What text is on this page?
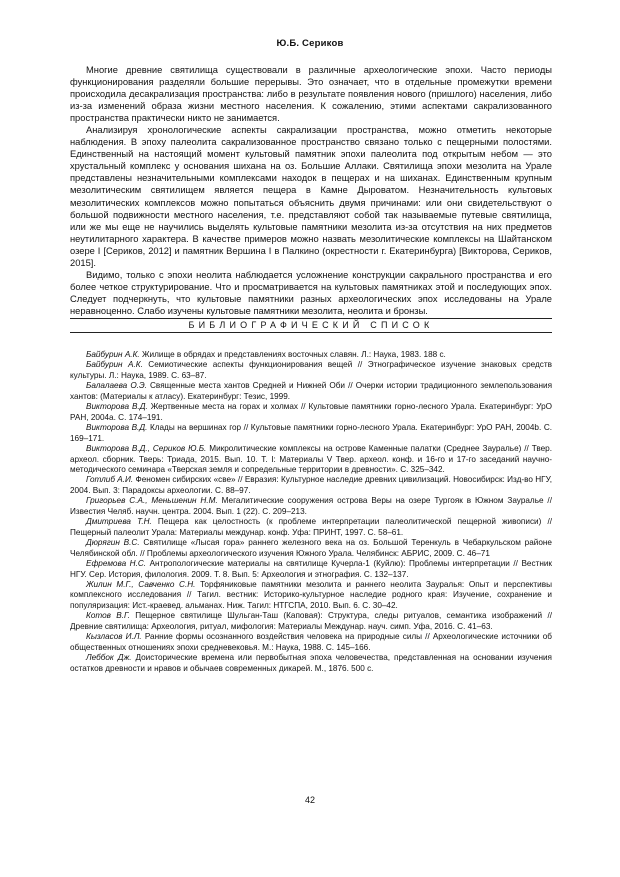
Ю.Б. Сериков

Многие древние святилища существовали в различные археологические эпохи. Часто периоды функционирования разделяли большие перерывы. Это означает, что в отдельные промежутки времени происходила десакрализация пространства: либо в результате появления нового (пришлого) населения, либо из-за изменений образа жизни местного населения. К сожалению, этими аспектами сакрализованного пространства практически никто не занимается.

Анализируя хронологические аспекты сакрализации пространства, можно отметить некоторые наблюдения. В эпоху палеолита сакрализованное пространство связано только с пещерными полостями. Единственный на настоящий момент культовый памятник эпохи палеолита под открытым небом — это хрустальный комплекс у основания шихана на оз. Большие Аллаки. Святилища эпохи мезолита на Урале представлены незначительными комплексами находок в пещерах и на шиханах. Единственным крупным мезолитическим святилищем является пещера в Камне Дыроватом. Незначительность культовых мезолитических комплексов можно попытаться объяснить двумя причинами: или они свидетельствуют о большой подвижности местного населения, т.е. представляют собой так называемые путевые святилища, или же мы еще не научились выделять культовые памятники мезолита из-за отсутствия на них предметов неутилитарного характера. В качестве примеров можно назвать мезолитические комплексы на Шайтанском озере I [Сериков, 2012] и памятник Вершина I в Палкино (окрестности г. Екатеринбурга) [Викторова, Сериков, 2015].

Видимо, только с эпохи неолита наблюдается усложнение конструкции сакрального пространства и его более четкое структурирование. Что и просматривается на культовых памятниках этой и последующих эпох. Следует подчеркнуть, что культовые памятники разных археологических эпох исследованы на Урале неравноценно. Слабо изучены культовые памятники мезолита, неолита и бронзы.

БИБЛИОГРАФИЧЕСКИЙ СПИСОК

Байбурин А.К. Жилище в обрядах и представлениях восточных славян. Л.: Наука, 1983. 188 с.

Байбурин А.К. Семиотические аспекты функционирования вещей // Этнографическое изучение знаковых средств культуры. Л.: Наука, 1989. С. 63–87.

Балалаева О.Э. Священные места хантов Средней и Нижней Оби // Очерки истории традиционного землепользования хантов: (Материалы к атласу). Екатеринбург: Тезис, 1999.

Викторова В.Д. Жертвенные места на горах и холмах // Культовые памятники горно-лесного Урала. Екатеринбург: УрО РАН, 2004а. С. 174–191.

Викторова В.Д. Клады на вершинах гор // Культовые памятники горно-лесного Урала. Екатеринбург: УрО РАН, 2004b. С. 169–171.

Викторова В.Д., Сериков Ю.Б. Микролитические комплексы на острове Каменные палатки (Среднее Зауралье) // Твер. археол. сборник. Тверь: Триада, 2015. Вып. 10. Т. I: Материалы V Твер. археол. конф. и 16-го и 17-го заседаний научно-методического семинара «Тверская земля и сопредельные территории в древности». С. 325–342.

Готлиб А.И. Феномен сибирских «све» // Евразия: Культурное наследие древних цивилизаций. Новосибирск: Изд-во НГУ, 2004. Вып. 3: Парадоксы археологии. С. 88–97.

Григорьев С.А., Меньшенин Н.М. Мегалитические сооружения острова Веры на озере Тургояк в Южном Зауралье // Известия Челяб. научн. центра. 2004. Вып. 1 (22). С. 209–213.

Дмитриева Т.Н. Пещера как целостность (к проблеме интерпретации палеолитической пещерной живописи) // Пещерный палеолит Урала: Материалы междунар. конф. Уфа: ПРИНТ, 1997. С. 58–61.

Дюрягин В.С. Святилище «Лысая гора» раннего железного века на оз. Большой Теренкуль в Чебаркульском районе Челябинской обл. // Проблемы археологического изучения Южного Урала. Челябинск: АБРИС, 2009. С. 46–71

Ефремова Н.С. Антропологические материалы на святилище Кучерла-1 (Куйлю): Проблемы интерпретации // Вестник НГУ. Сер. История, филология. 2009. Т. 8. Вып. 5: Археология и этнография. С. 132–137.

Жилин М.Г., Савченко С.Н. Торфяниковые памятники мезолита и раннего неолита Зауралья: Опыт и перспективы комплексного исследования // Тагил. вестник: Историко-культурное наследие родного края: Изучение, сохранение и популяризация: Ист.-краевед. альманах. Ниж. Тагил: НТГСПА, 2010. Вып. 6. С. 30–42.

Котов В.Г. Пещерное святилище Шульган-Таш (Каповая): Структура, следы ритуалов, семантика изображений // Древние святилища: Археология, ритуал, мифология: Материалы Междунар. науч. симп. Уфа, 2016. С. 41–63.

Кызласов И.Л. Ранние формы осознанного воздействия человека на природные силы // Археологические источники об общественных отношениях эпохи средневековья. М.: Наука, 1988. С. 145–166.

Леббок Дж. Доисторические времена или первобытная эпоха человечества, представленная на основании изучения остатков древности и нравов и обычаев современных дикарей. М., 1876. 500 с.

42
